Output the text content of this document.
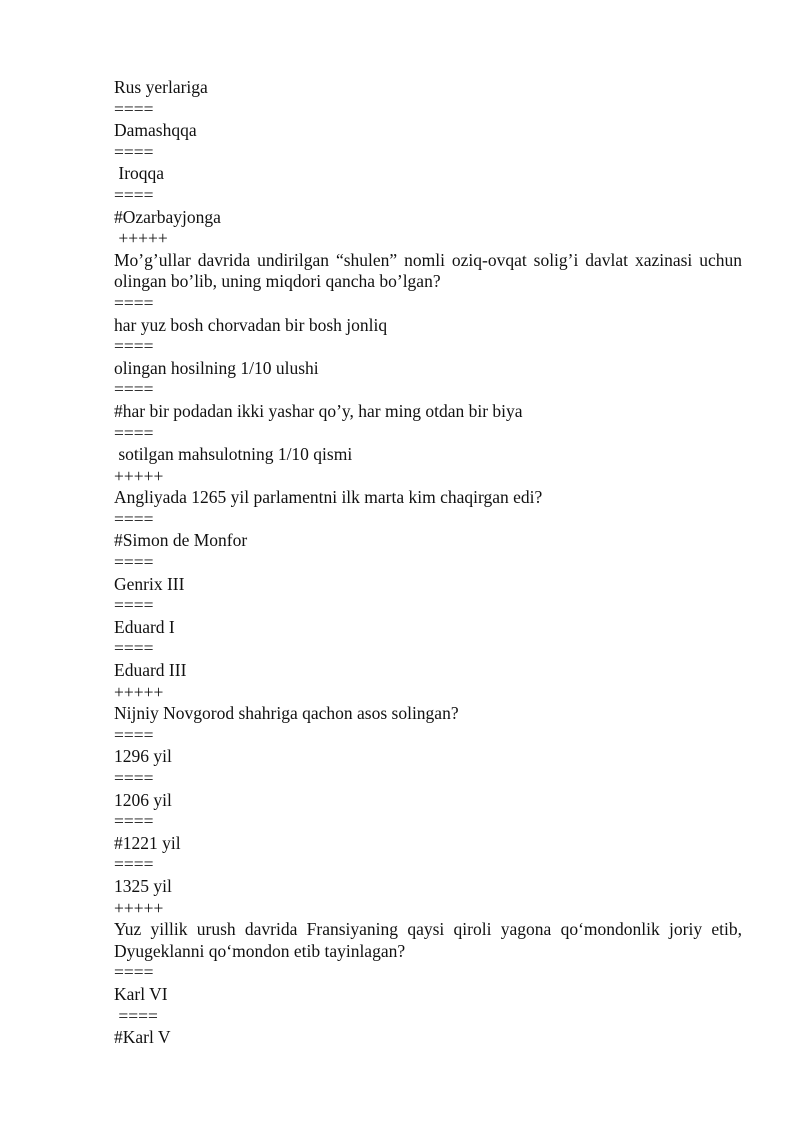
Rus yerlariga
====
Damashqqa
====
Iroqqa
====
#Ozarbayjonga
+++++
Mo’g’ullar davrida undirilgan “shulen” nomli oziq-ovqat solig’i davlat xazinasi uchun olingan bo’lib, uning miqdori qancha bo’lgan?
====
har yuz bosh chorvadan bir bosh jonliq
====
olingan hosilning 1/10 ulushi
====
#har bir podadan ikki yashar qo’y, har ming otdan bir biya
====
sotilgan mahsulotning 1/10 qismi
+++++
Angliyada 1265 yil parlamentni ilk marta kim chaqirgan edi?
====
#Simon de Monfor
====
Genrix III
====
Eduard I
====
Eduard III
+++++
Nijniy Novgorod shahriga qachon asos solingan?
====
1296 yil
====
1206 yil
====
#1221 yil
====
1325 yil
+++++
Yuz yillik urush davrida Fransiyaning qaysi qiroli yagona qo‘mondonlik joriy etib, Dyugeklanni qo‘mondon etib tayinlagan?
====
Karl VI
====
#Karl V
